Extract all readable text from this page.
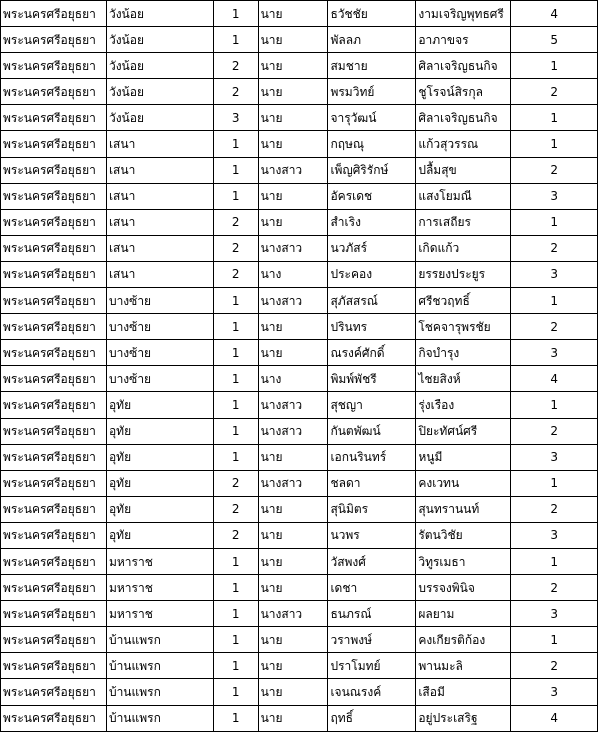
พระนครศรีอยุธยา	วังน้อย	1	นาย	ธวัชชัย	งามเจริญพุทธศรี	4
พระนครศรีอยุธยา	วังน้อย	1	นาย	พัลลภ	อาภาขจร	5
พระนครศรีอยุธยา	วังน้อย	2	นาย	สมชาย	ศิลาเจริญธนกิจ	1
พระนครศรีอยุธยา	วังน้อย	2	นาย	พรมวิทย์	ชูโรจน์สิรกุล	2
พระนครศรีอยุธยา	วังน้อย	3	นาย	จารุวัฒน์	ศิลาเจริญธนกิจ	1
พระนครศรีอยุธยา	เสนา	1	นาย	กฤษณุ	แก้วสุวรรณ	1
พระนครศรีอยุธยา	เสนา	1	นางสาว	เพ็ญศิริรักษ์	ปลื้มสุข	2
พระนครศรีอยุธยา	เสนา	1	นาย	อัครเดช	แสงโยมณี	3
พระนครศรีอยุธยา	เสนา	2	นาย	สำเริง	การเสถียร	1
พระนครศรีอยุธยา	เสนา	2	นางสาว	นวภัสร์	เกิดแก้ว	2
พระนครศรีอยุธยา	เสนา	2	นาง	ประคอง	ยรรยงประยูร	3
พระนครศรีอยุธยา	บางซ้าย	1	นางสาว	สุภัสสรณ์	ศรีชวฤทธิ์	1
พระนครศรีอยุธยา	บางซ้าย	1	นาย	ปรินทร	โชคจารุพรชัย	2
พระนครศรีอยุธยา	บางซ้าย	1	นาย	ณรงค์ศักดิ์	กิจบำรุง	3
พระนครศรีอยุธยา	บางซ้าย	1	นาง	พิมพ์พัชรี	ไชยสิงห์	4
พระนครศรีอยุธยา	อุทัย	1	นางสาว	สุชญา	รุ่งเรือง	1
พระนครศรีอยุธยา	อุทัย	1	นางสาว	กันตพัฒน์	ปิยะทัศน์ศรี	2
พระนครศรีอยุธยา	อุทัย	1	นาย	เอกนรินทร์	หนูมี	3
พระนครศรีอยุธยา	อุทัย	2	นางสาว	ชลดา	คงเวทน	1
พระนครศรีอยุธยา	อุทัย	2	นาย	สุนิมิตร	สุนทรานนท์	2
พระนครศรีอยุธยา	อุทัย	2	นาย	นวพร	รัตนวิชัย	3
พระนครศรีอยุธยา	มหาราช	1	นาย	วัสพงศ์	วิทูรเมธา	1
พระนครศรีอยุธยา	มหาราช	1	นาย	เดชา	บรรจงพินิจ	2
พระนครศรีอยุธยา	มหาราช	1	นางสาว	ธนภรณ์	ผลยาม	3
พระนครศรีอยุธยา	บ้านแพรก	1	นาย	วราพงษ์	คงเกียรติก้อง	1
พระนครศรีอยุธยา	บ้านแพรก	1	นาย	ปราโมทย์	พานมะลิ	2
พระนครศรีอยุธยา	บ้านแพรก	1	นาย	เจนณรงค์	เสือมี	3
พระนครศรีอยุธยา	บ้านแพรก	1	นาย	ฤทธิ์	อยู่ประเสริฐ	4
